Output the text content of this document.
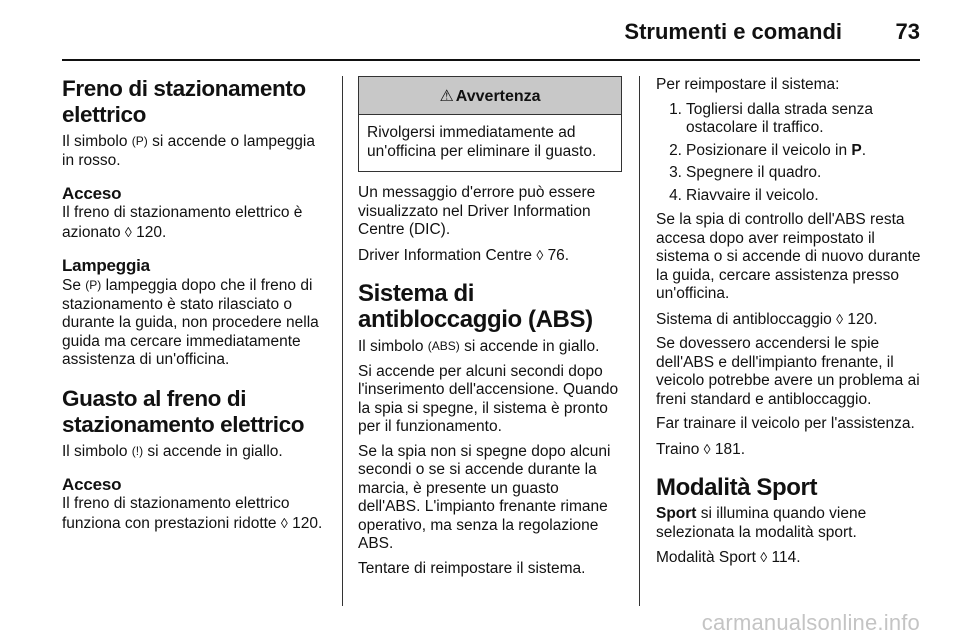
Strumenti e comandi 73
Freno di stazionamento elettrico

Il simbolo (P) si accende o lampeggia in rosso.

Acceso

Il freno di stazionamento elettrico è azionato ◊ 120.

Lampeggia

Se (P) lampeggia dopo che il freno di stazionamento è stato rilasciato o durante la guida, non procedere nella guida ma cercare immediatamente assistenza di un'officina.

Guasto al freno di stazionamento elettrico

Il simbolo (!) si accende in giallo.

Acceso

Il freno di stazionamento elettrico funziona con prestazioni ridotte ◊ 120.

⚠ Avvertenza
Rivolgersi immediatamente ad un'officina per eliminare il guasto.

Un messaggio d'errore può essere visualizzato nel Driver Information Centre (DIC).

Driver Information Centre ◊ 76.

Sistema di antibloccaggio (ABS)

Il simbolo (ABS) si accende in giallo.

Si accende per alcuni secondi dopo l'inserimento dell'accensione. Quando la spia si spegne, il sistema è pronto per il funzionamento.

Se la spia non si spegne dopo alcuni secondi o se si accende durante la marcia, è presente un guasto dell'ABS. L'impianto frenante rimane operativo, ma senza la regolazione ABS.

Tentare di reimpostare il sistema.

Per reimpostare il sistema:

1. Togliersi dalla strada senza ostacolare il traffico.
2. Posizionare il veicolo in P.
3. Spegnere il quadro.
4. Riavvaire il veicolo.

Se la spia di controllo dell'ABS resta accesa dopo aver reimpostato il sistema o si accende di nuovo durante la guida, cercare assistenza presso un'officina.

Sistema di antibloccaggio ◊ 120.

Se dovessero accendersi le spie dell'ABS e dell'impianto frenante, il veicolo potrebbe avere un problema ai freni standard e antibloccaggio.

Far trainare il veicolo per l'assistenza.

Traino ◊ 181.

Modalità Sport

Sport si illumina quando viene selezionata la modalità sport.

Modalità Sport ◊ 114.

carmanualsonline.info
